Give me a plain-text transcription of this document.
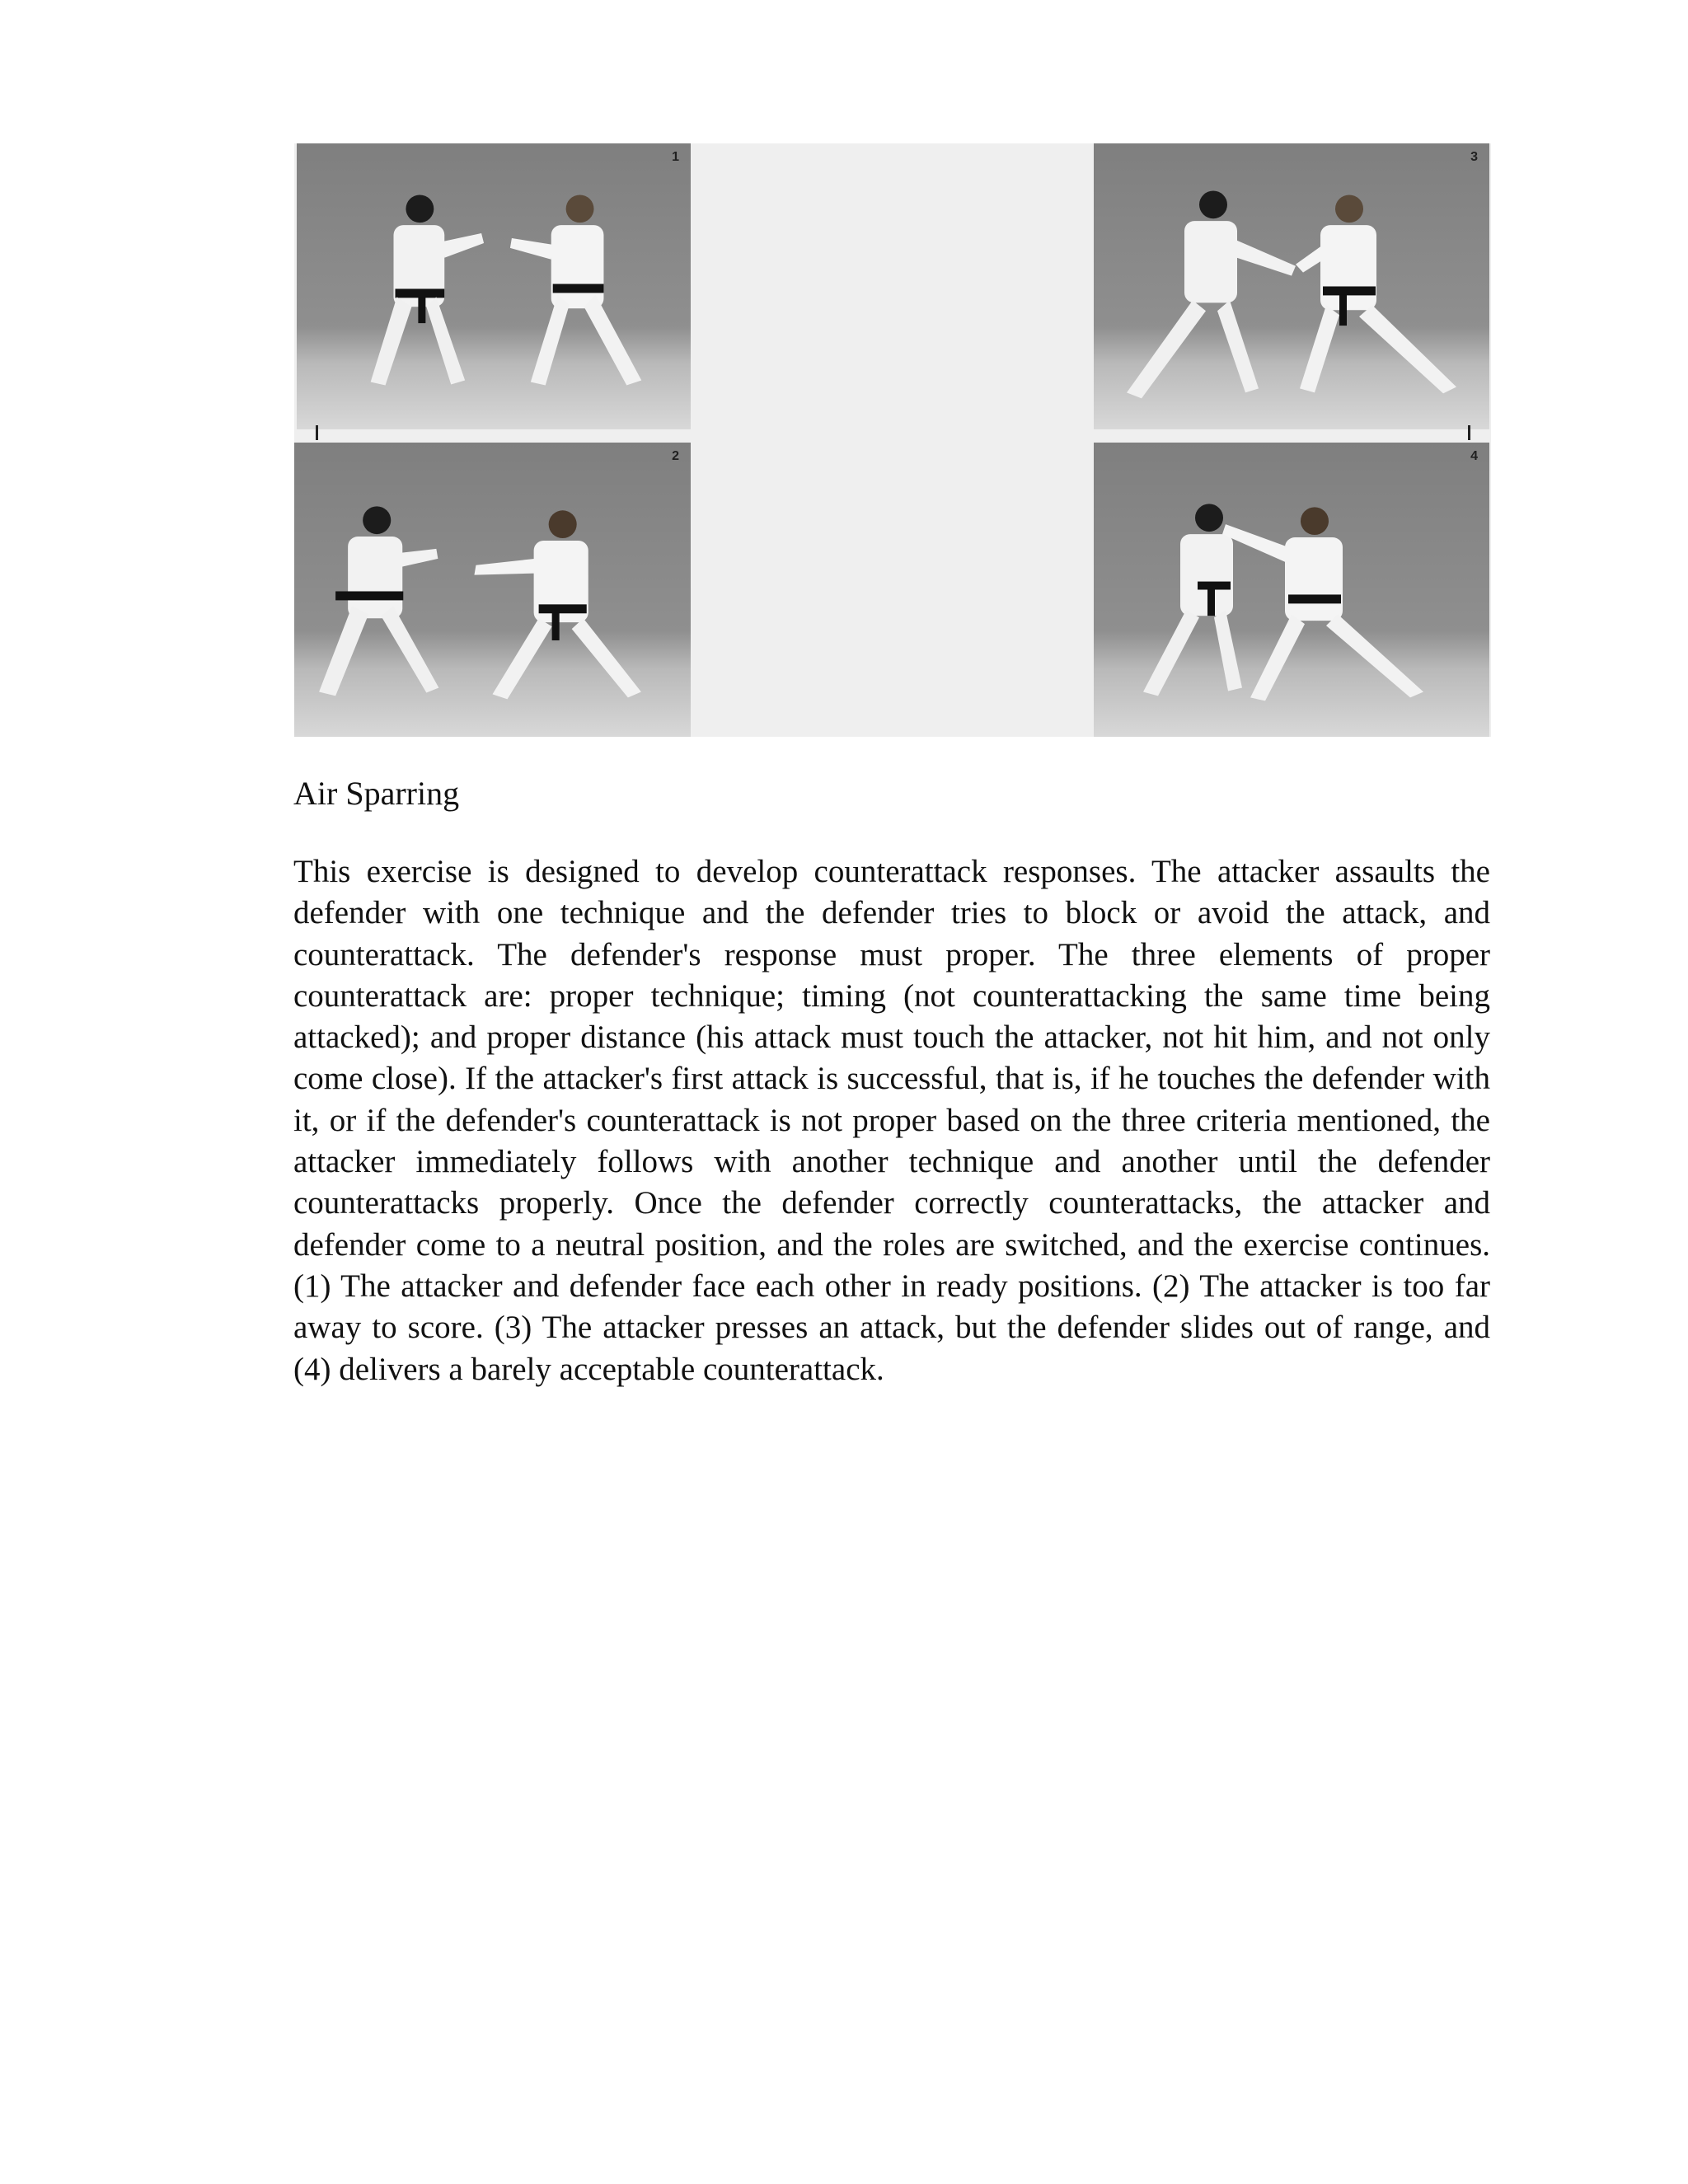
1
2
3
4
Air Sparring

This exercise is designed to develop counterattack responses. The attacker assaults the defender with one technique and the defender tries to block or avoid the attack, and counterattack. The defender's response must proper. The three elements of proper counterattack are: proper technique; timing (not counterattacking the same time being attacked); and proper distance (his attack must touch the attacker, not hit him, and not only come close). If the attacker's first attack is successful, that is, if he touches the defender with it, or if the defender's counterattack is not proper based on the three criteria mentioned, the attacker immediately follows with another technique and another until the defender counterattacks properly. Once the defender correctly counterattacks, the attacker and defender come to a neutral position, and the roles are switched, and the exercise continues. (1) The attacker and defender face each other in ready positions. (2) The attacker is too far away to score. (3) The attacker presses an attack, but the defender slides out of range, and (4) delivers a barely acceptable counterattack.
